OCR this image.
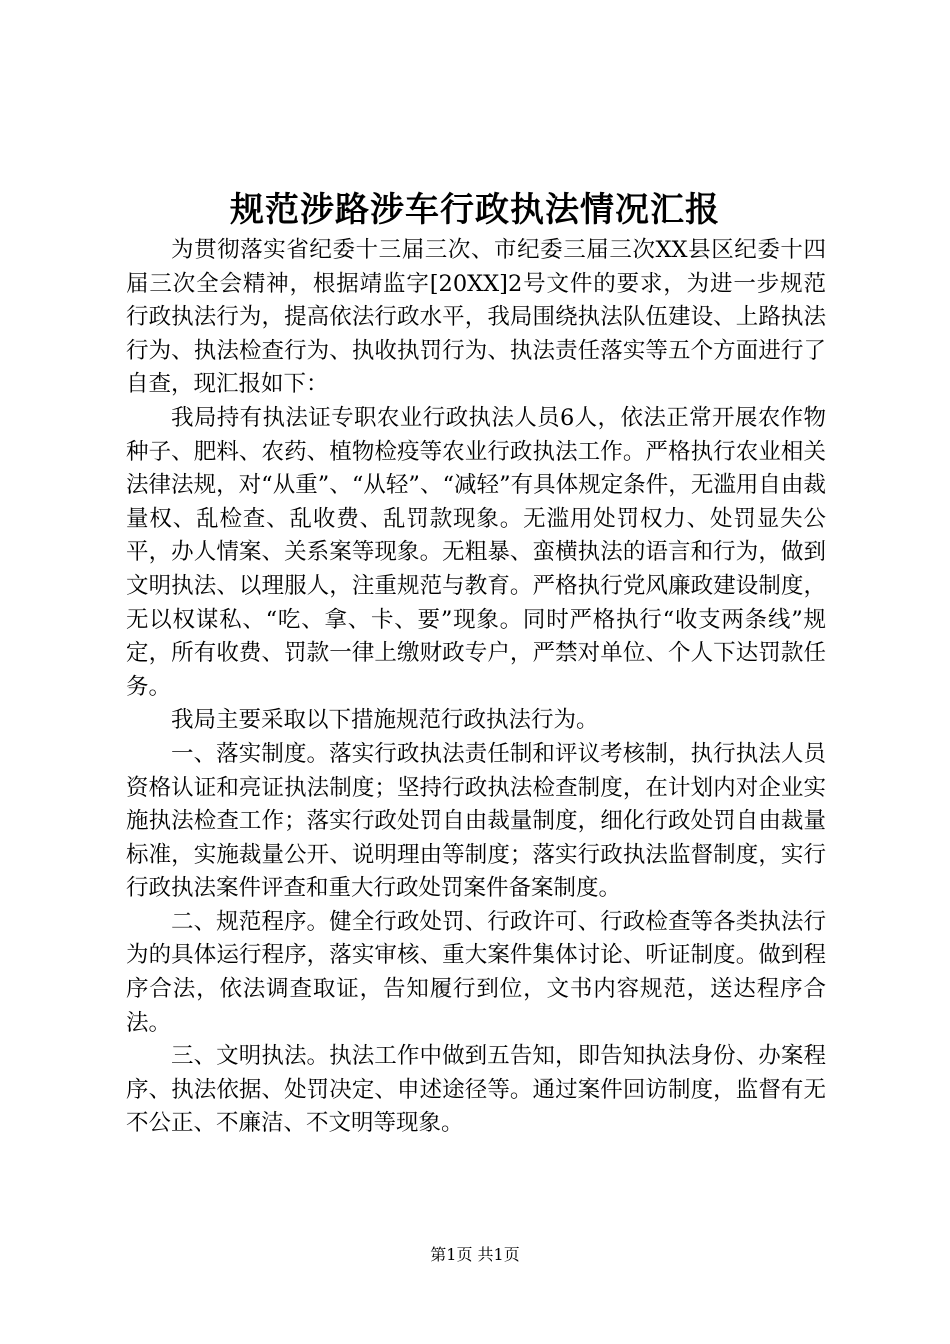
规范涉路涉车行政执法情况汇报

为贯彻落实省纪委十三届三次、市纪委三届三次XX县区纪委十四届三次全会精神，根据靖监字[20XX]2号文件的要求，为进一步规范行政执法行为，提高依法行政水平，我局围绕执法队伍建设、上路执法行为、执法检查行为、执收执罚行为、执法责任落实等五个方面进行了自查，现汇报如下：

我局持有执法证专职农业行政执法人员6人，依法正常开展农作物种子、肥料、农药、植物检疫等农业行政执法工作。严格执行农业相关法律法规，对“从重”、“从轻”、“减轻”有具体规定条件，无滥用自由裁量权、乱检查、乱收费、乱罚款现象。无滥用处罚权力、处罚显失公平，办人情案、关系案等现象。无粗暴、蛮横执法的语言和行为，做到文明执法、以理服人，注重规范与教育。严格执行党风廉政建设制度，无以权谋私、“吃、拿、卡、要”现象。同时严格执行“收支两条线”规定，所有收费、罚款一律上缴财政专户，严禁对单位、个人下达罚款任务。

我局主要采取以下措施规范行政执法行为。

一、落实制度。落实行政执法责任制和评议考核制，执行执法人员资格认证和亮证执法制度；坚持行政执法检查制度，在计划内对企业实施执法检查工作；落实行政处罚自由裁量制度，细化行政处罚自由裁量标准，实施裁量公开、说明理由等制度；落实行政执法监督制度，实行行政执法案件评查和重大行政处罚案件备案制度。

二、规范程序。健全行政处罚、行政许可、行政检查等各类执法行为的具体运行程序，落实审核、重大案件集体讨论、听证制度。做到程序合法，依法调查取证，告知履行到位，文书内容规范，送达程序合法。

三、文明执法。执法工作中做到五告知，即告知执法身份、办案程序、执法依据、处罚决定、申述途径等。通过案件回访制度，监督有无不公正、不廉洁、不文明等现象。

第1页 共1页
